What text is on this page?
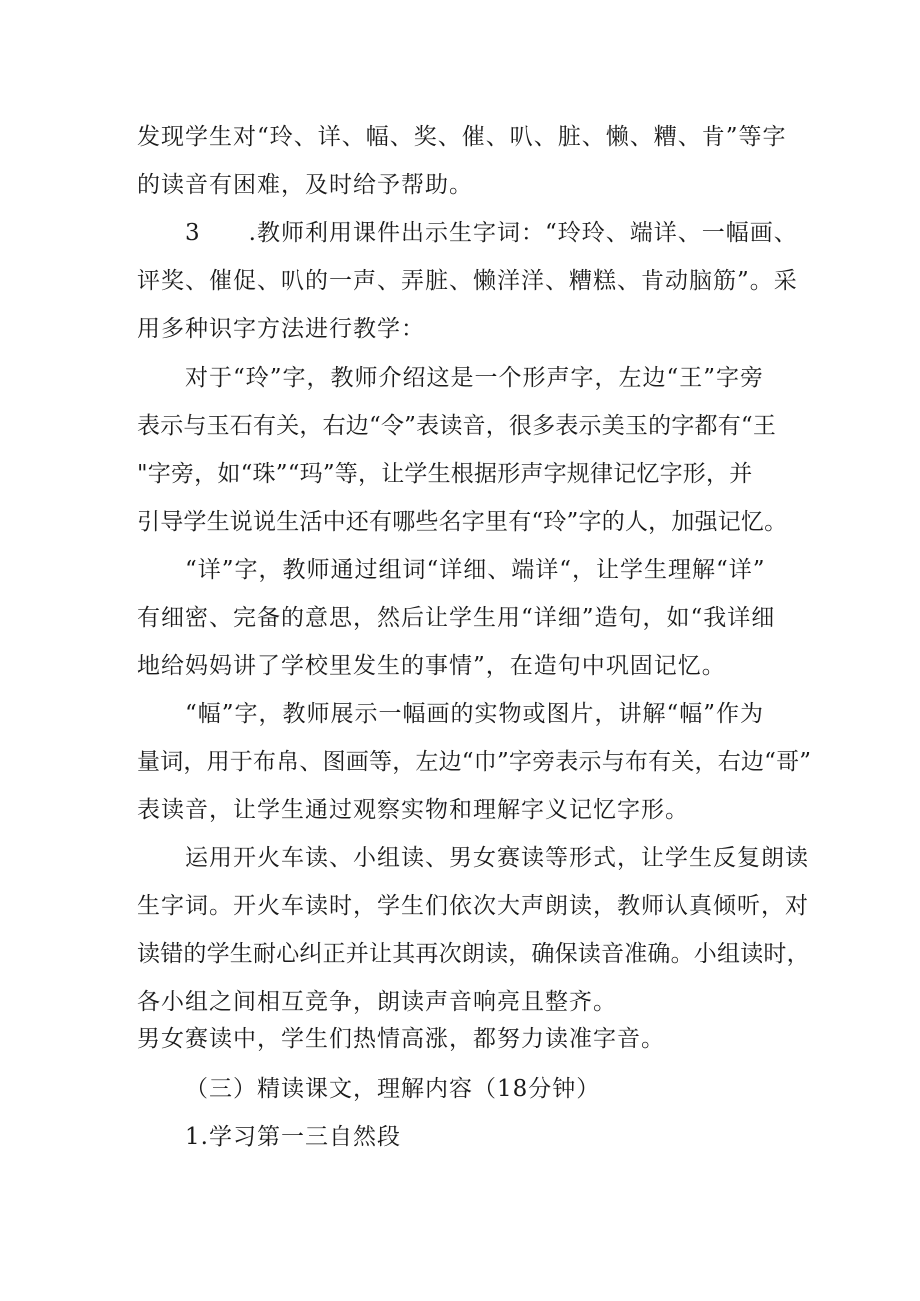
发现学生对“玲、详、幅、奖、催、叭、脏、懒、糟、肯”等字
的读音有困难，及时给予帮助。
3　　.教师利用课件出示生字词：“玲玲、端详、一幅画、
评奖、催促、叭的一声、弄脏、懒洋洋、糟糕、肯动脑筋”。采
用多种识字方法进行教学：
对于“玲”字，教师介绍这是一个形声字，左边“王”字旁
表示与玉石有关，右边“令”表读音，很多表示美玉的字都有“王
"字旁，如“珠”“玛”等，让学生根据形声字规律记忆字形，并
引导学生说说生活中还有哪些名字里有“玲”字的人，加强记忆。
“详”字，教师通过组词“详细、端详“，让学生理解“详”
有细密、完备的意思，然后让学生用“详细”造句，如“我详细
地给妈妈讲了学校里发生的事情”，在造句中巩固记忆。
“幅”字，教师展示一幅画的实物或图片，讲解“幅”作为
量词，用于布帛、图画等，左边“巾”字旁表示与布有关，右边“哥”
表读音，让学生通过观察实物和理解字义记忆字形。
运用开火车读、小组读、男女赛读等形式，让学生反复朗读
生字词。开火车读时，学生们依次大声朗读，教师认真倾听，对
读错的学生耐心纠正并让其再次朗读，确保读音准确。小组读时，
各小组之间相互竞争，朗读声音响亮且整齐。
男女赛读中，学生们热情高涨，都努力读准字音。
（三）精读课文，理解内容（18分钟）
1.学习第一三自然段
